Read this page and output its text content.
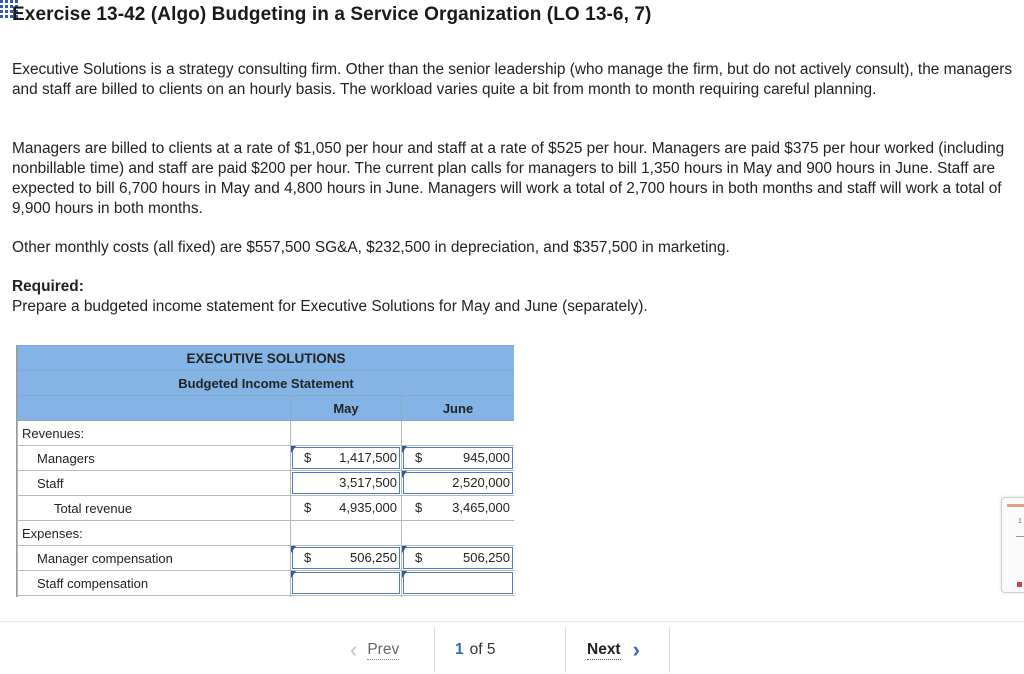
Exercise 13-42 (Algo) Budgeting in a Service Organization (LO 13-6, 7)

Executive Solutions is a strategy consulting firm. Other than the senior leadership (who manage the firm, but do not actively consult), the managers and staff are billed to clients on an hourly basis. The workload varies quite a bit from month to month requiring careful planning.

Managers are billed to clients at a rate of $1,050 per hour and staff at a rate of $525 per hour. Managers are paid $375 per hour worked (including nonbillable time) and staff are paid $200 per hour. The current plan calls for managers to bill 1,350 hours in May and 900 hours in June. Staff are expected to bill 6,700 hours in May and 4,800 hours in June. Managers will work a total of 2,700 hours in both months and staff will work a total of 9,900 hours in both months.

Other monthly costs (all fixed) are $557,500 SG&A, $232,500 in depreciation, and $357,500 in marketing.

Required:
Prepare a budgeted income statement for Executive Solutions for May and June (separately).
EXECUTIVE SOLUTIONS		
Budgeted Income Statement		
	May	June
Revenues:		
Managers	$ 1,417,500	$ 945,000

Staff	3,517,500	2,520,000

Total revenue	$ 4,935,000	$ 3,465,000

Expenses:		
Manager compensation	$ 506,250	$ 506,250

Staff compensation	

‹ Prev	1 of 5	Next ›
1
